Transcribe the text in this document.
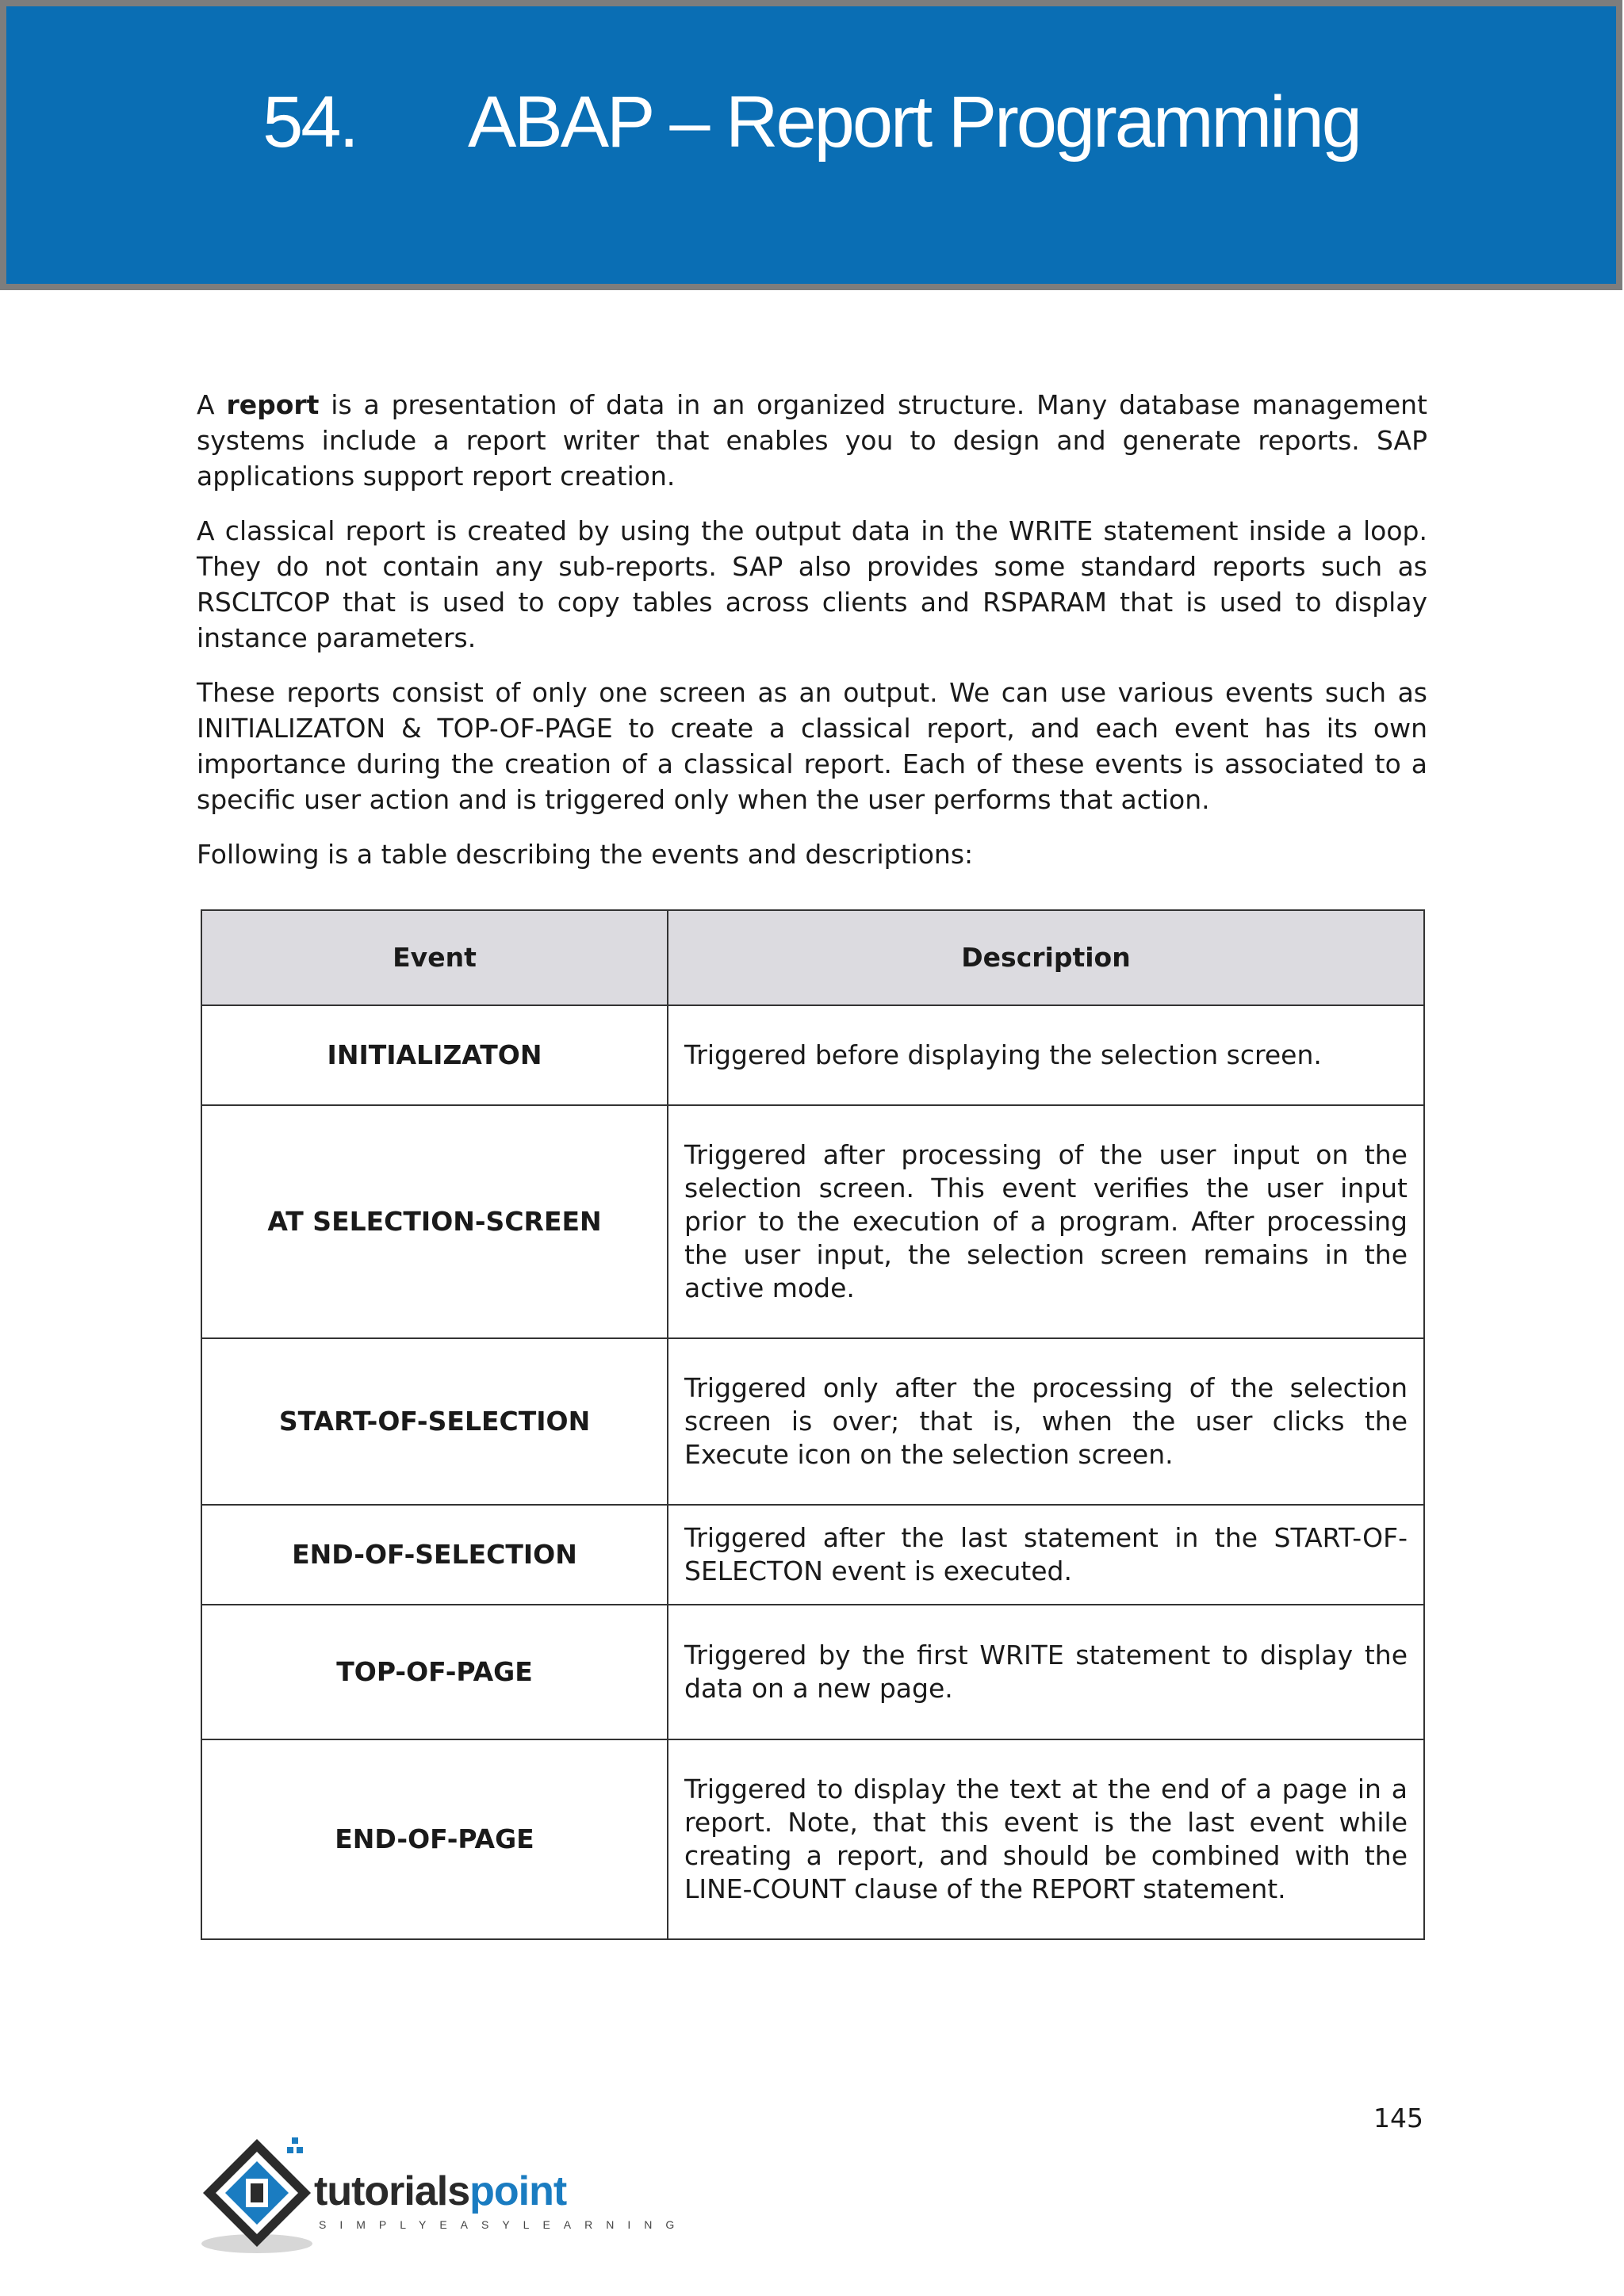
54. ABAP – Report Programming

A report is a presentation of data in an organized structure. Many database management systems include a report writer that enables you to design and generate reports. SAP applications support report creation.

A classical report is created by using the output data in the WRITE statement inside a loop. They do not contain any sub-reports. SAP also provides some standard reports such as RSCLTCOP that is used to copy tables across clients and RSPARAM that is used to display instance parameters.

These reports consist of only one screen as an output. We can use various events such as INITIALIZATON & TOP-OF-PAGE to create a classical report, and each event has its own importance during the creation of a classical report. Each of these events is associated to a specific user action and is triggered only when the user performs that action.

Following is a table describing the events and descriptions:

Event	Description
INITIALIZATON	Triggered before displaying the selection screen.
AT SELECTION-SCREEN	Triggered after processing of the user input on the selection screen. This event verifies the user input prior to the execution of a program. After processing the user input, the selection screen remains in the active mode.
START-OF-SELECTION	Triggered only after the processing of the selection screen is over; that is, when the user clicks the Execute icon on the selection screen.
END-OF-SELECTION	Triggered after the last statement in the START-OF-SELECTON event is executed.
TOP-OF-PAGE	Triggered by the first WRITE statement to display the data on a new page.
END-OF-PAGE	Triggered to display the text at the end of a page in a report. Note, that this event is the last event while creating a report, and should be combined with the LINE-COUNT clause of the REPORT statement.
145
tutorialspoint
SIMPLYEASYLEARNING
